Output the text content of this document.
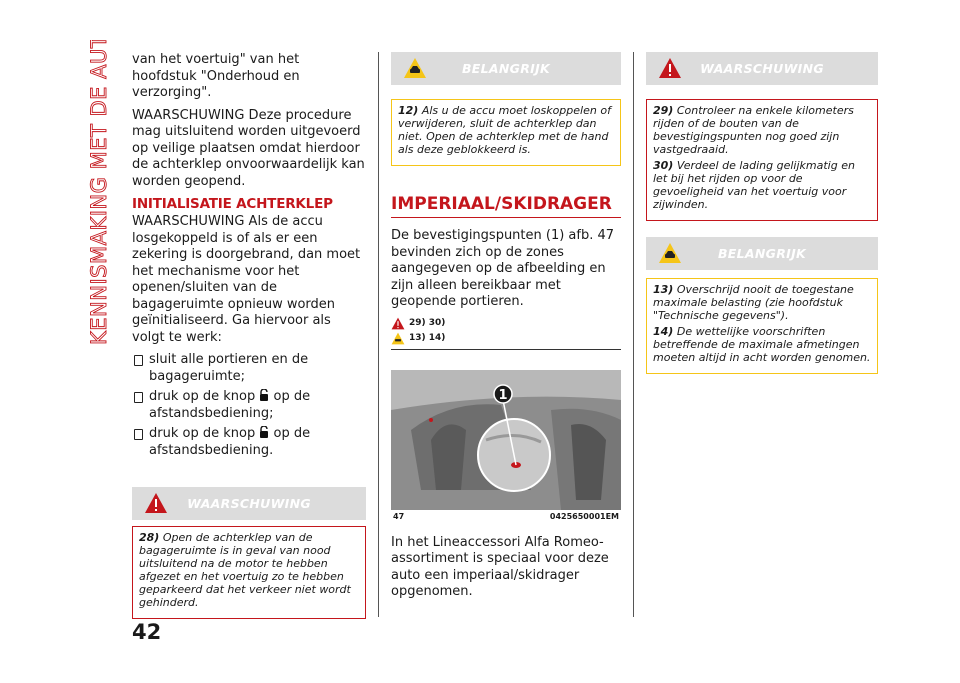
KENNISMAKING MET DE AUTO
42

van het voertuig" van het hoofdstuk "Onderhoud en verzorging".

WAARSCHUWING Deze procedure mag uitsluitend worden uitgevoerd op veilige plaatsen omdat hierdoor de achterklep onvoorwaardelijk kan worden geopend.

INITIALISATIE ACHTERKLEP

WAARSCHUWING Als de accu losgekoppeld is of als er een zekering is doorgebrand, dan moet het mechanisme voor het openen/sluiten van de bagageruimte opnieuw worden geïnitialiseerd. Ga hiervoor als volgt te werk:

sluit alle portieren en de bagageruimte;
druk op de knop  op de afstandsbediening;
druk op de knop  op de afstandsbediening.
WAARSCHUWING
28) Open de achterklep van de bagageruimte is in geval van nood uitsluitend na de motor te hebben afgezet en het voertuig zo te hebben geparkeerd dat het verkeer niet wordt gehinderd.
BELANGRIJK
12) Als u de accu moet loskoppelen of verwijderen, sluit de achterklep dan niet. Open de achterklep met de hand als deze geblokkeerd is.
IMPERIAAL/SKIDRAGER

De bevestigingspunten (1) afb. 47 bevinden zich op de zones aangegeven op de afbeelding en zijn alleen bereikbaar met geopende portieren.

29) 30)
13) 14)
1
47	0425650001EM

In het Lineaccessori Alfa Romeo-assortiment is speciaal voor deze auto een imperiaal/skidrager opgenomen.

WAARSCHUWING
29) Controleer na enkele kilometers rijden of de bouten van de bevestigingspunten nog goed zijn vastgedraaid.
30) Verdeel de lading gelijkmatig en let bij het rijden op voor de gevoeligheid van het voertuig voor zijwinden.
BELANGRIJK
13) Overschrijd nooit de toegestane maximale belasting (zie hoofdstuk "Technische gegevens").
14) De wettelijke voorschriften betreffende de maximale afmetingen moeten altijd in acht worden genomen.
